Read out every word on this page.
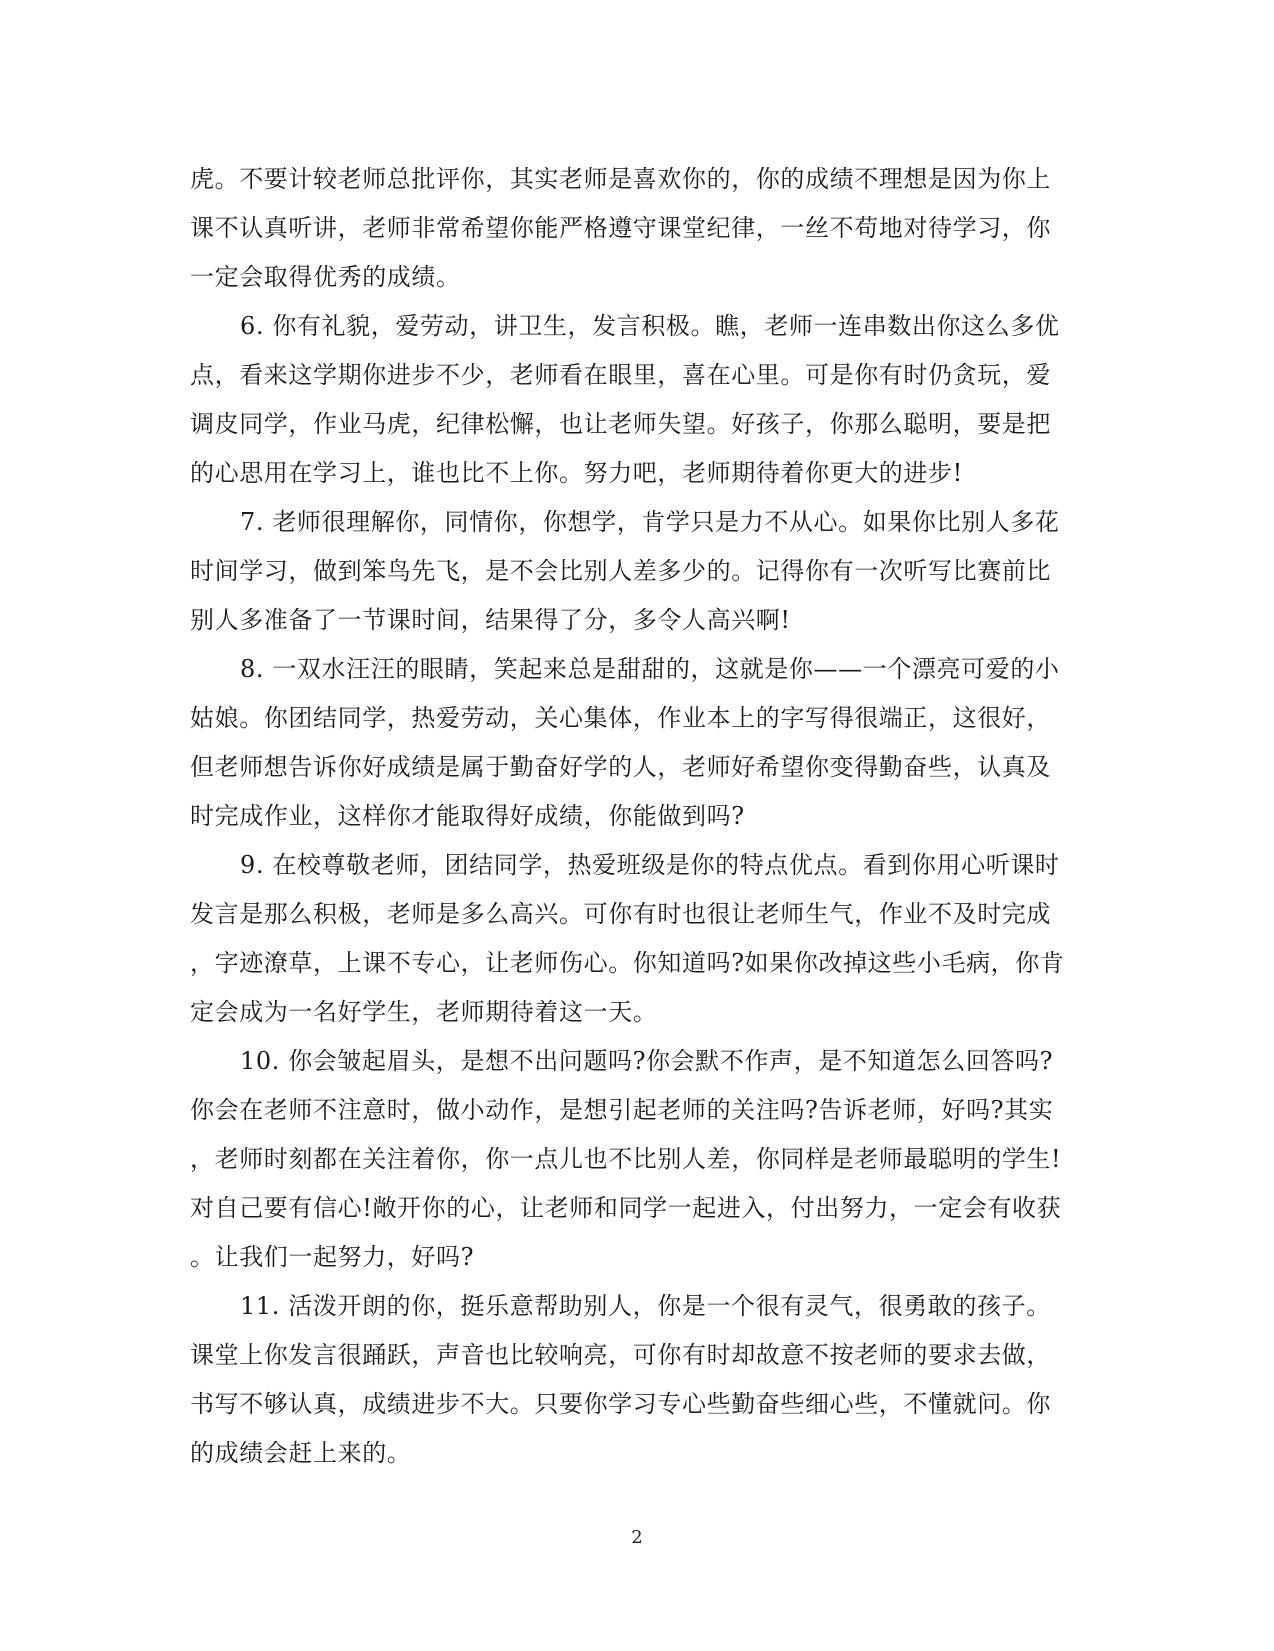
虎。不要计较老师总批评你，其实老师是喜欢你的，你的成绩不理想是因为你上
课不认真听讲，老师非常希望你能严格遵守课堂纪律，一丝不苟地对待学习，你
一定会取得优秀的成绩。
6. 你有礼貌，爱劳动，讲卫生，发言积极。瞧，老师一连串数出你这么多优
点，看来这学期你进步不少，老师看在眼里，喜在心里。可是你有时仍贪玩，爱
调皮同学，作业马虎，纪律松懈，也让老师失望。好孩子，你那么聪明，要是把
的心思用在学习上，谁也比不上你。努力吧，老师期待着你更大的进步!
7. 老师很理解你，同情你，你想学，肯学只是力不从心。如果你比别人多花
时间学习，做到笨鸟先飞，是不会比别人差多少的。记得你有一次听写比赛前比
别人多准备了一节课时间，结果得了分，多令人高兴啊!
8. 一双水汪汪的眼睛，笑起来总是甜甜的，这就是你——一个漂亮可爱的小
姑娘。你团结同学，热爱劳动，关心集体，作业本上的字写得很端正，这很好，
但老师想告诉你好成绩是属于勤奋好学的人，老师好希望你变得勤奋些，认真及
时完成作业，这样你才能取得好成绩，你能做到吗?
9. 在校尊敬老师，团结同学，热爱班级是你的特点优点。看到你用心听课时
发言是那么积极，老师是多么高兴。可你有时也很让老师生气，作业不及时完成
，字迹潦草，上课不专心，让老师伤心。你知道吗?如果你改掉这些小毛病，你肯
定会成为一名好学生，老师期待着这一天。
10. 你会皱起眉头，是想不出问题吗?你会默不作声，是不知道怎么回答吗?
你会在老师不注意时，做小动作，是想引起老师的关注吗?告诉老师，好吗?其实
，老师时刻都在关注着你，你一点儿也不比别人差，你同样是老师最聪明的学生!
对自己要有信心!敞开你的心，让老师和同学一起进入，付出努力，一定会有收获
。让我们一起努力，好吗?
11. 活泼开朗的你，挺乐意帮助别人，你是一个很有灵气，很勇敢的孩子。
课堂上你发言很踊跃，声音也比较响亮，可你有时却故意不按老师的要求去做，
书写不够认真，成绩进步不大。只要你学习专心些勤奋些细心些，不懂就问。你
的成绩会赶上来的。
2
